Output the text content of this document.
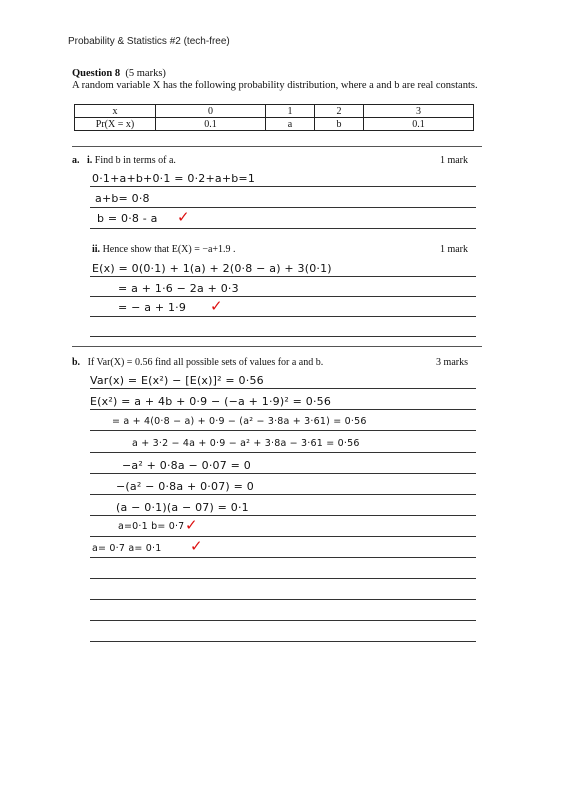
Probability & Statistics #2 (tech-free)
Question 8 (5 marks)
A random variable X has the following probability distribution, where a and b are real constants.
x	0	1	2	3
Pr(X = x)	0.1	a	b	0.1
a. i. Find b in terms of a.	1 mark
0·1+a+b+0·1 = 0·2+a+b=1
a+b= 0·8
b = 0·8 - a ✓
ii. Hence show that E(X) = −a+1.9 .	1 mark
E(x) = 0(0·1) + 1(a) + 2(0·8 − a) + 3(0·1)
= a + 1·6 − 2a + 0·3
= − a + 1·9 ✓
b. If Var(X) = 0.56 find all possible sets of values for a and b.	3 marks
Var(x) = E(x²) − [E(x)]² = 0·56
E(x²) = a + 4b + 0·9 − (−a + 1·9)² = 0·56
= a + 4(0·8 − a) + 0·9 − (a² − 3·8a + 3·61) = 0·56
a + 3·2 − 4a + 0·9 − a² + 3·8a − 3·61 = 0·56
−a² + 0·8a − 0·07 = 0
−(a² − 0·8a + 0·07) = 0
(a − 0·1)(a − 07) = 0·1
a=0·1 b= 0·7 ✓
a= 0·7 a= 0·1 ✓
